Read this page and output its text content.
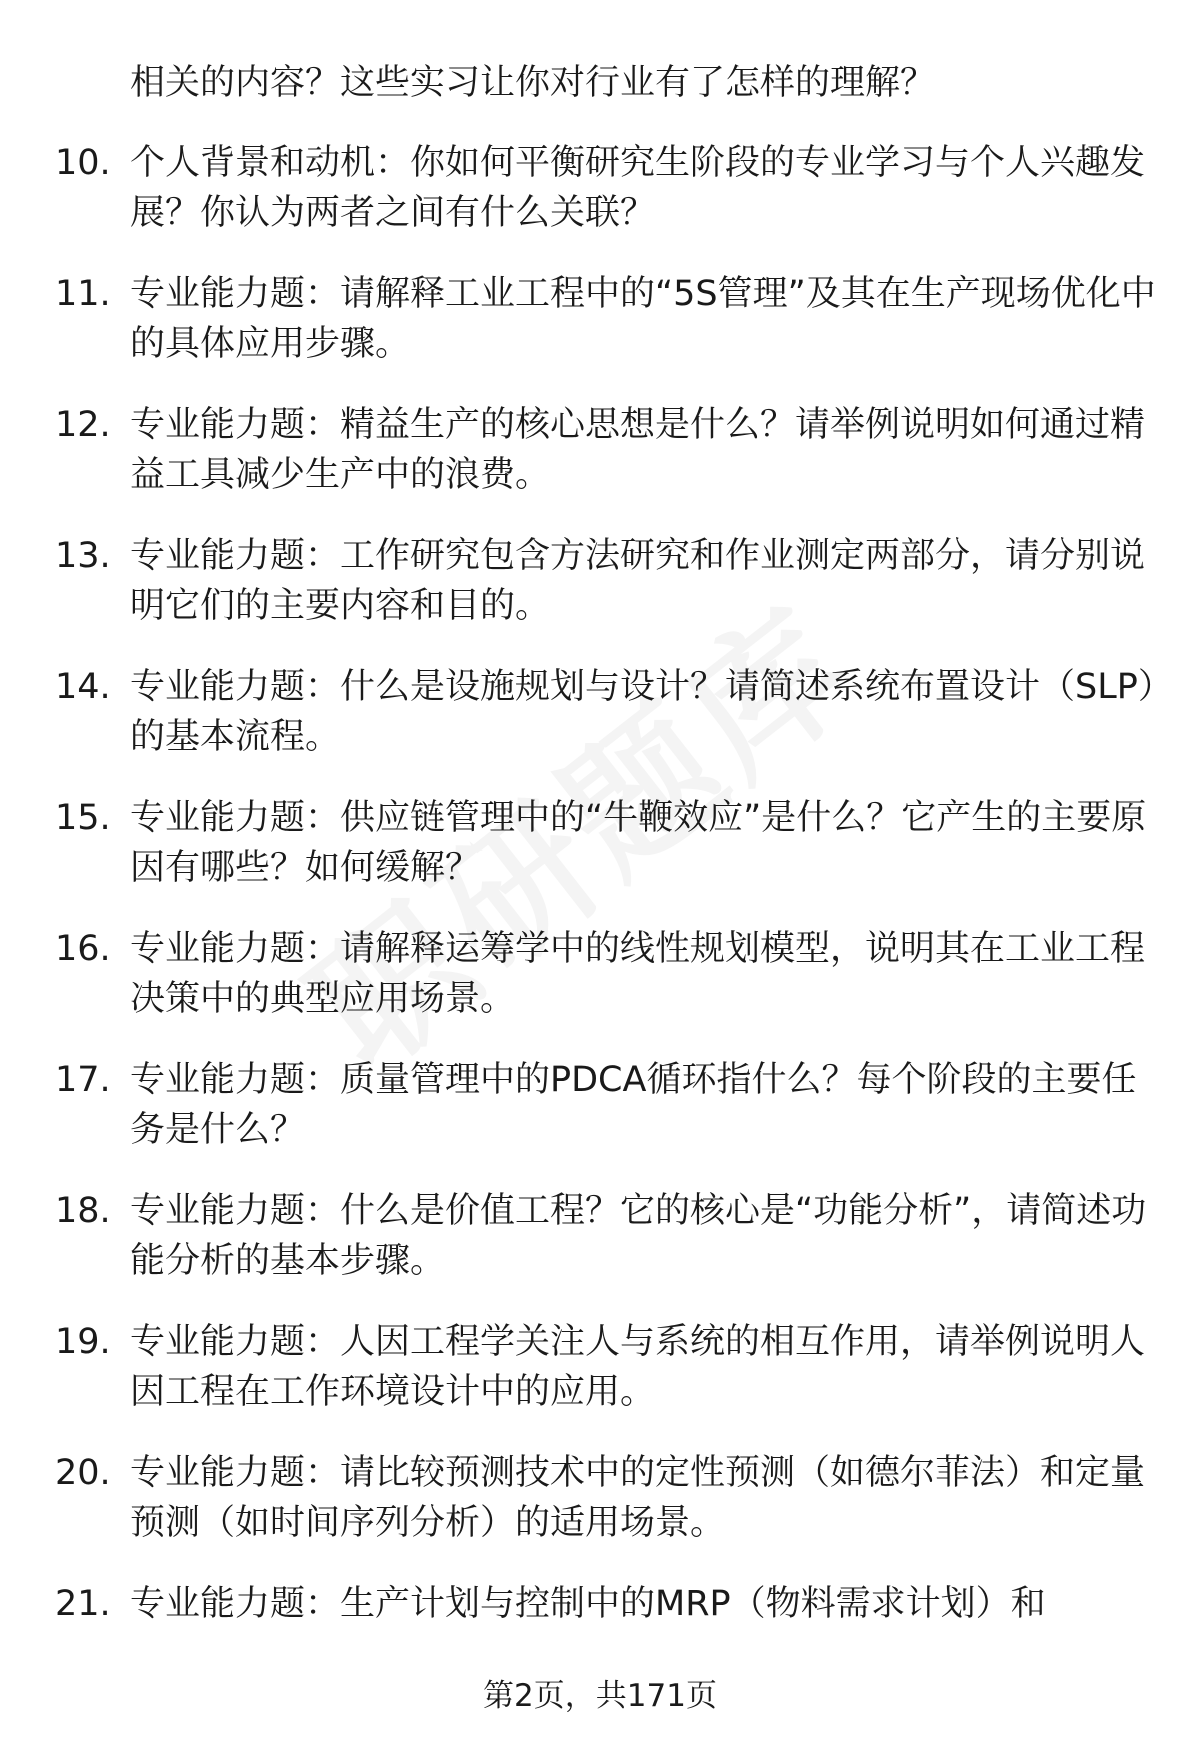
相关的内容？这些实习让你对行业有了怎样的理解？
10. 个人背景和动机：你如何平衡研究生阶段的专业学习与个人兴趣发展？你认为两者之间有什么关联？
11. 专业能力题：请解释工业工程中的“5S管理”及其在生产现场优化中的具体应用步骤。
12. 专业能力题：精益生产的核心思想是什么？请举例说明如何通过精益工具减少生产中的浪费。
13. 专业能力题：工作研究包含方法研究和作业测定两部分，请分别说明它们的主要内容和目的。
14. 专业能力题：什么是设施规划与设计？请简述系统布置设计（SLP）的基本流程。
15. 专业能力题：供应链管理中的“牛鞭效应”是什么？它产生的主要原因有哪些？如何缓解？
16. 专业能力题：请解释运筹学中的线性规划模型，说明其在工业工程决策中的典型应用场景。
17. 专业能力题：质量管理中的PDCA循环指什么？每个阶段的主要任务是什么？
18. 专业能力题：什么是价值工程？它的核心是“功能分析”，请简述功能分析的基本步骤。
19. 专业能力题：人因工程学关注人与系统的相互作用，请举例说明人因工程在工作环境设计中的应用。
20. 专业能力题：请比较预测技术中的定性预测（如德尔菲法）和定量预测（如时间序列分析）的适用场景。
21. 专业能力题：生产计划与控制中的MRP（物料需求计划）和
第2页，共171页
